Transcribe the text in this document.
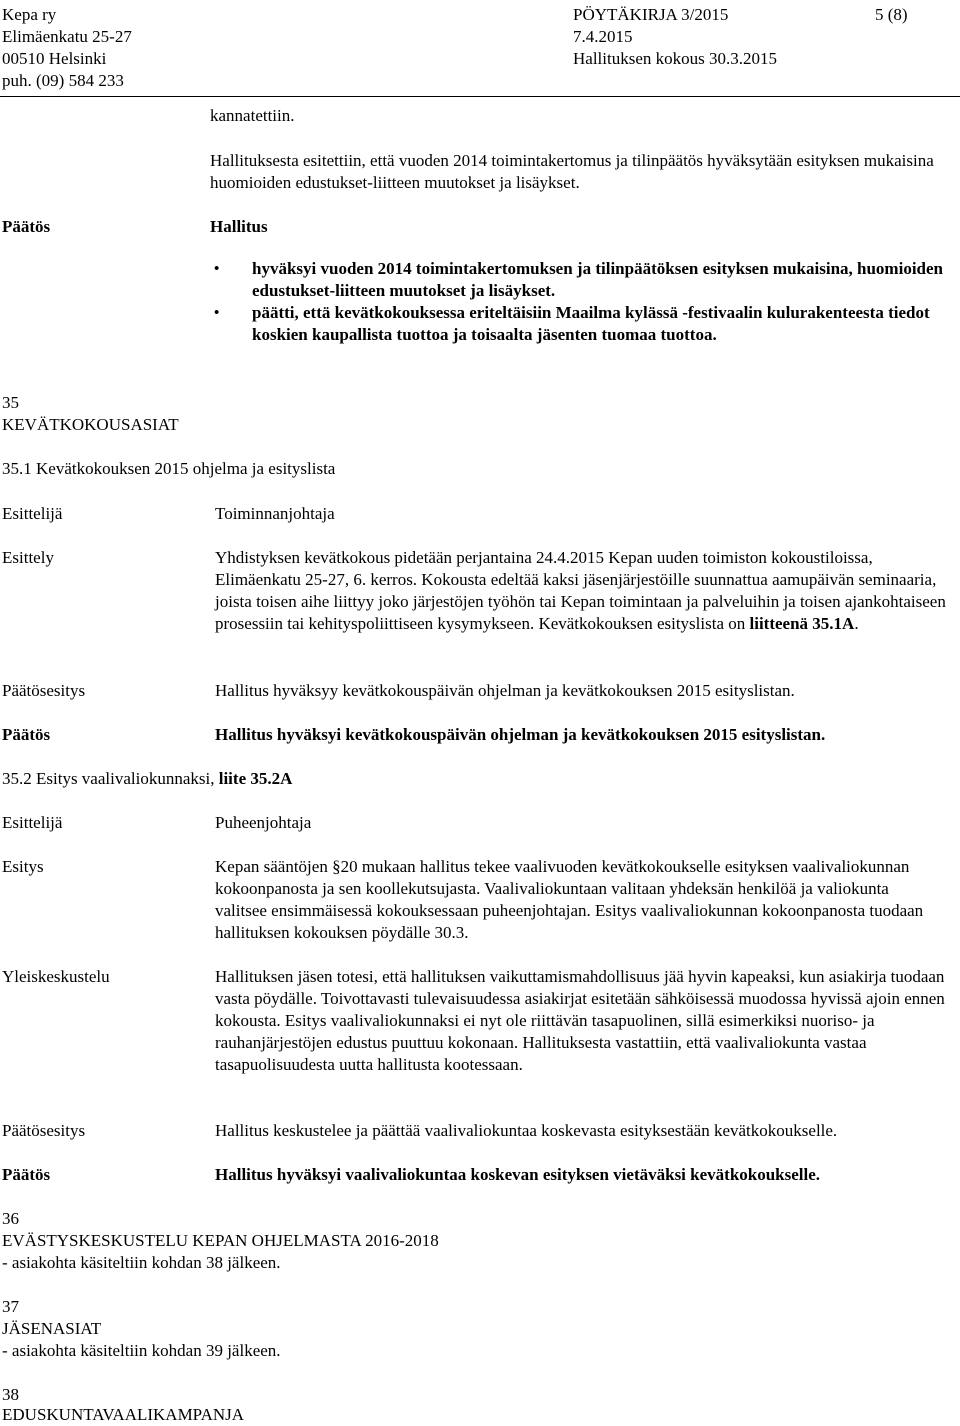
Kepa ry
Elimäenkatu 25-27
00510 Helsinki
puh. (09) 584 233
PÖYTÄKIRJA 3/2015
7.4.2015
Hallituksen kokous 30.3.2015
5 (8)
kannatettiin.
Hallituksesta esitettiin, että vuoden 2014 toimintakertomus ja tilinpäätös hyväksytään esityksen mukaisina huomioiden edustukset-liitteen muutokset ja lisäykset.
Päätös	Hallitus
• hyväksyi vuoden 2014 toimintakertomuksen ja tilinpäätöksen esityksen mukaisina, huomioiden edustukset-liitteen muutokset ja lisäykset.
• päätti, että kevätkokouksessa eriteltäisiin Maailma kylässä -festivaalin kulurakenteesta tiedot koskien kaupallista tuottoa ja toisaalta jäsenten tuomaa tuottoa.
35
KEVÄTKOKOUSASIAT
35.1 Kevätkokouksen 2015 ohjelma ja esityslista
Esittelijä	Toiminnanjohtaja
Esittely	Yhdistyksen kevätkokous pidetään perjantaina 24.4.2015 Kepan uuden toimiston kokoustiloissa, Elimäenkatu 25-27, 6. kerros. Kokousta edeltää kaksi jäsenjärjestöille suunnattua aamupäivän seminaaria, joista toisen aihe liittyy joko järjestöjen työhön tai Kepan toimintaan ja palveluihin ja toisen ajankohtaiseen prosessiin tai kehityspoliittiseen kysymykseen. Kevätkokouksen esityslista on liitteenä 35.1A.
Päätösesitys	Hallitus hyväksyy kevätkokouspäivän ohjelman ja kevätkokouksen 2015 esityslistan.
Päätös	Hallitus hyväksyi kevätkokouspäivän ohjelman ja kevätkokouksen 2015 esityslistan.
35.2 Esitys vaalivaliokunnaksi, liite 35.2A
Esittelijä	Puheenjohtaja
Esitys	Kepan sääntöjen §20 mukaan hallitus tekee vaalivuoden kevätkokoukselle esityksen vaalivaliokunnan kokoonpanosta ja sen koollekutsujasta. Vaalivaliokuntaan valitaan yhdeksän henkilöä ja valiokunta valitsee ensimmäisessä kokouksessaan puheenjohtajan. Esitys vaalivaliokunnan kokoonpanosta tuodaan hallituksen kokouksen pöydälle 30.3.
Yleiskeskustelu	Hallituksen jäsen totesi, että hallituksen vaikuttamismahdollisuus jää hyvin kapeaksi, kun asiakirja tuodaan vasta pöydälle. Toivottavasti tulevaisuudessa asiakirjat esitetään sähköisessä muodossa hyvissä ajoin ennen kokousta. Esitys vaalivaliokunnaksi ei nyt ole riittävän tasapuolinen, sillä esimerkiksi nuoriso- ja rauhanjärjestöjen edustus puuttuu kokonaan. Hallituksesta vastattiin, että vaalivaliokunta vastaa tasapuolisuudesta uutta hallitusta kootessaan.
Päätösesitys	Hallitus keskustelee ja päättää vaalivaliokuntaa koskevasta esityksestään kevätkokoukselle.
Päätös	Hallitus hyväksyi vaalivaliokuntaa koskevan esityksen vietäväksi kevätkokoukselle.
36
EVÄSTYSKESKUSTELU KEPAN OHJELMASTA 2016-2018
- asiakohta käsiteltiin kohdan 38 jälkeen.
37
JÄSENASIAT
- asiakohta käsiteltiin kohdan 39 jälkeen.
38
EDUSKUNTAVAALIKAMPANJA
